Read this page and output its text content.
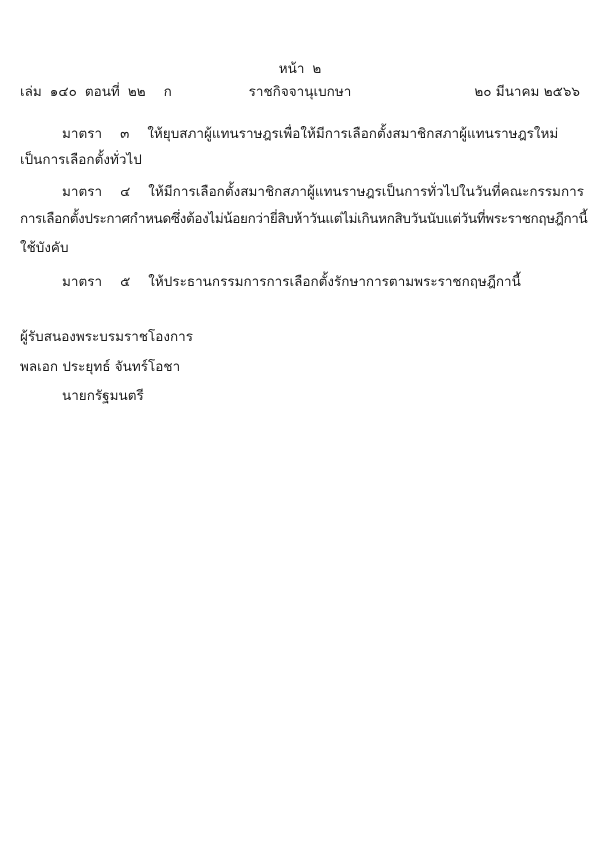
หน้า ๒
เล่ม ๑๔๐ ตอนที่ ๒๒ ก	ราชกิจจานุเบกษา	๒๐ มีนาคม ๒๕๖๖
มาตรา ๓ ให้ยุบสภาผู้แทนราษฎรเพื่อให้มีการเลือกตั้งสมาชิกสภาผู้แทนราษฎรใหม่
เป็นการเลือกตั้งทั่วไป
มาตรา ๔ ให้มีการเลือกตั้งสมาชิกสภาผู้แทนราษฎรเป็นการทั่วไปในวันที่คณะกรรมการ
การเลือกตั้งประกาศกำหนดซึ่งต้องไม่น้อยกว่ายี่สิบห้าวันแต่ไม่เกินหกสิบวันนับแต่วันที่พระราชกฤษฎีกานี้
ใช้บังคับ
มาตรา ๕ ให้ประธานกรรมการการเลือกตั้งรักษาการตามพระราชกฤษฎีกานี้
ผู้รับสนองพระบรมราชโองการ
พลเอก ประยุทธ์ จันทร์โอชา
นายกรัฐมนตรี
